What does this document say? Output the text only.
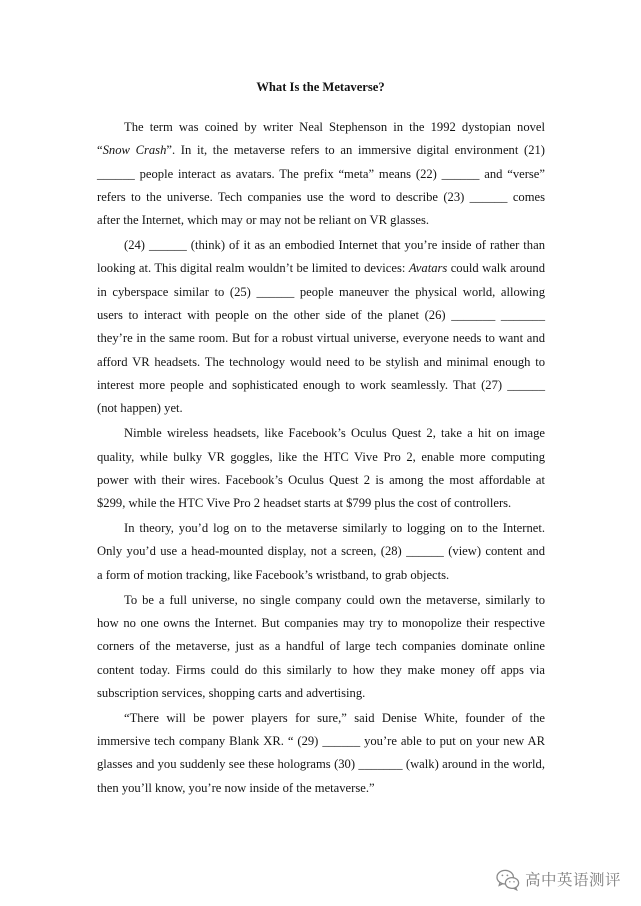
What Is the Metaverse?
The term was coined by writer Neal Stephenson in the 1992 dystopian novel
“Snow Crash”. In it, the metaverse refers to an immersive digital environment (21)
______ people interact as avatars. The prefix “meta” means (22) ______ and “verse”
refers to the universe. Tech companies use the word to describe (23) ______ comes
after the Internet, which may or may not be reliant on VR glasses.
(24) ______ (think) of it as an embodied Internet that you’re inside of rather than
looking at. This digital realm wouldn’t be limited to devices: Avatars could walk around
in cyberspace similar to (25) ______ people maneuver the physical world, allowing
users to interact with people on the other side of the planet (26) _______ _______
they’re in the same room. But for a robust virtual universe, everyone needs to want and
afford VR headsets. The technology would need to be stylish and minimal enough to
interest more people and sophisticated enough to work seamlessly. That (27) ______
(not happen) yet.
Nimble wireless headsets, like Facebook’s Oculus Quest 2, take a hit on image
quality, while bulky VR goggles, like the HTC Vive Pro 2, enable more computing
power with their wires. Facebook’s Oculus Quest 2 is among the most affordable at
$299, while the HTC Vive Pro 2 headset starts at $799 plus the cost of controllers.
In theory, you’d log on to the metaverse similarly to logging on to the Internet.
Only you’d use a head-mounted display, not a screen, (28) ______ (view) content and
a form of motion tracking, like Facebook’s wristband, to grab objects.
To be a full universe, no single company could own the metaverse, similarly to
how no one owns the Internet. But companies may try to monopolize their respective
corners of the metaverse, just as a handful of large tech companies dominate online
content today. Firms could do this similarly to how they make money off apps via
subscription services, shopping carts and advertising.
“There will be power players for sure,” said Denise White, founder of the
immersive tech company Blank XR. “ (29) ______ you’re able to put on your new AR
glasses and you suddenly see these holograms (30) _______ (walk) around in the world,
then you’ll know, you’re now inside of the metaverse.”
高中英语测评
